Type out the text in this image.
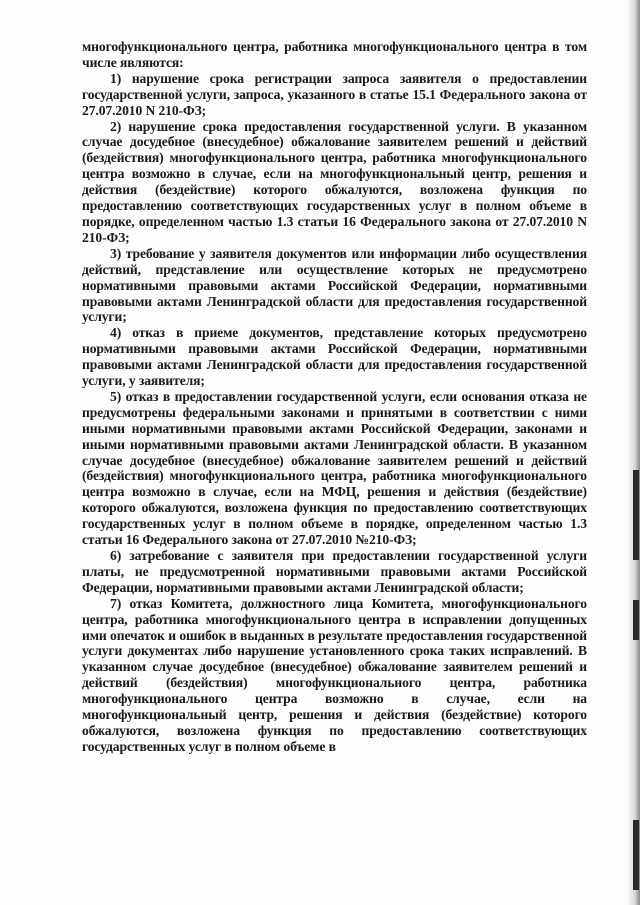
многофункционального центра, работника многофункционального центра в том числе являются:

1) нарушение срока регистрации запроса заявителя о предоставлении государственной услуги, запроса, указанного в статье 15.1 Федерального закона от 27.07.2010 N 210-ФЗ;

2) нарушение срока предоставления государственной услуги. В указанном случае досудебное (внесудебное) обжалование заявителем решений и действий (бездействия) многофункционального центра, работника многофункционального центра возможно в случае, если на многофункциональный центр, решения и действия (бездействие) которого обжалуются, возложена функция по предоставлению соответствующих государственных услуг в полном объеме в порядке, определенном частью 1.3 статьи 16 Федерального закона от 27.07.2010 N 210-ФЗ;

3) требование у заявителя документов или информации либо осуществления действий, представление или осуществление которых не предусмотрено нормативными правовыми актами Российской Федерации, нормативными правовыми актами Ленинградской области для предоставления государственной услуги;

4) отказ в приеме документов, представление которых предусмотрено нормативными правовыми актами Российской Федерации, нормативными правовыми актами Ленинградской области для предоставления государственной услуги, у заявителя;

5) отказ в предоставлении государственной услуги, если основания отказа не предусмотрены федеральными законами и принятыми в соответствии с ними иными нормативными правовыми актами Российской Федерации, законами и иными нормативными правовыми актами Ленинградской области. В указанном случае досудебное (внесудебное) обжалование заявителем решений и действий (бездействия) многофункционального центра, работника многофункционального центра возможно в случае, если на МФЦ, решения и действия (бездействие) которого обжалуются, возложена функция по предоставлению соответствующих государственных услуг в полном объеме в порядке, определенном частью 1.3 статьи 16 Федерального закона от 27.07.2010 №210-ФЗ;

6) затребование с заявителя при предоставлении государственной услуги платы, не предусмотренной нормативными правовыми актами Российской Федерации, нормативными правовыми актами Ленинградской области;

7) отказ Комитета, должностного лица Комитета, многофункционального центра, работника многофункционального центра в исправлении допущенных ими опечаток и ошибок в выданных в результате предоставления государственной услуги документах либо нарушение установленного срока таких исправлений. В указанном случае досудебное (внесудебное) обжалование заявителем решений и действий (бездействия) многофункционального центра, работника многофункционального центра возможно в случае, если на многофункциональный центр, решения и действия (бездействие) которого обжалуются, возложена функция по предоставлению соответствующих государственных услуг в полном объеме в
